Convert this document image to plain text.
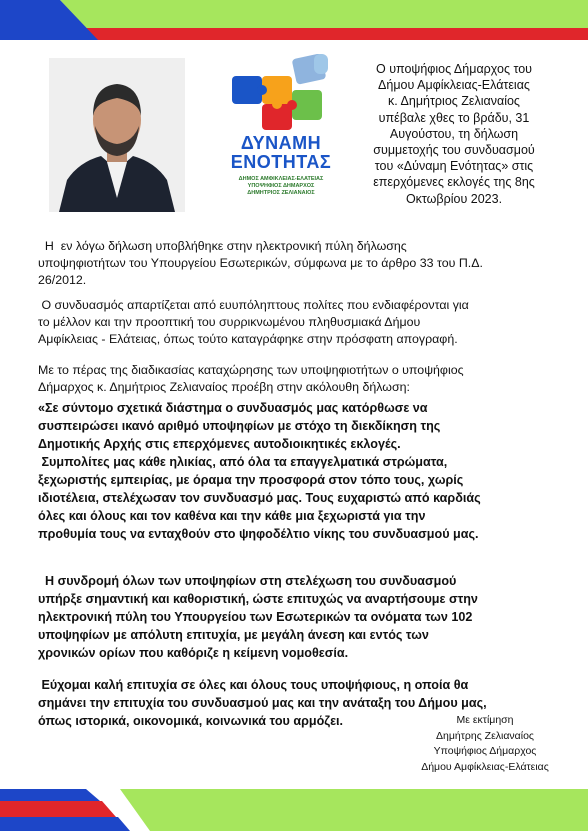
ΔΥΝΑΜΗ
ΕΝΟΤΗΤΑΣ
ΔΗΜΟΣ ΑΜΦΙΚΛΕΙΑΣ-ΕΛΑΤΕΙΑΣ
ΥΠΟΨΗΦΙΟΣ ΔΗΜΑΡΧΟΣ
ΔΗΜΗΤΡΙΟΣ ΖΕΛΙΑΝΑΙΟΣ
Ο υποψήφιος Δήμαρχος του
Δήμου Αμφίκλειας-Ελάτειας
κ. Δημήτριος Ζελιαναίος
υπέβαλε χθες το βράδυ, 31
Αυγούστου, τη δήλωση
συμμετοχής του συνδυασμού
του «Δύναμη Ενότητας» στις
επερχόμενες εκλογές της 8ης
Οκτωβρίου 2023.
Η  εν λόγω δήλωση υποβλήθηκε στην ηλεκτρονική πύλη δήλωσης
υποψηφιοτήτων του Υπουργείου Εσωτερικών, σύμφωνα με το άρθρο 33 του Π.Δ.
26/2012.
Ο συνδυασμός απαρτίζεται από ευυπόληπτους πολίτες που ενδιαφέρονται για
το μέλλον και την προοπτική του συρρικνωμένου πληθυσμιακά Δήμου
Αμφίκλειας - Ελάτειας, όπως τούτο καταγράφηκε στην πρόσφατη απογραφή.
Με το πέρας της διαδικασίας καταχώρησης των υποψηφιοτήτων ο υποψήφιος
Δήμαρχος κ. Δημήτριος Ζελιαναίος προέβη στην ακόλουθη δήλωση:
«Σε σύντομο σχετικά διάστημα ο συνδυασμός μας κατόρθωσε να
συσπειρώσει ικανό αριθμό υποψηφίων με στόχο τη διεκδίκηση της
Δημοτικής Αρχής στις επερχόμενες αυτοδιοικητικές εκλογές.
Συμπολίτες μας κάθε ηλικίας, από όλα τα επαγγελματικά στρώματα,
ξεχωριστής εμπειρίας, με όραμα την προσφορά στον τόπο τους, χωρίς
ιδιοτέλεια, στελέχωσαν τον συνδυασμό μας. Τους ευχαριστώ από καρδιάς
όλες και όλους και τον καθένα και την κάθε μια ξεχωριστά για την
προθυμία τους να ενταχθούν στο ψηφοδέλτιο νίκης του συνδυασμού μας.
Η συνδρομή όλων των υποψηφίων στη στελέχωση του συνδυασμού
υπήρξε σημαντική και καθοριστική, ώστε επιτυχώς να αναρτήσουμε στην
ηλεκτρονική πύλη του Υπουργείου των Εσωτερικών τα ονόματα των 102
υποψηφίων με απόλυτη επιτυχία, με μεγάλη άνεση και εντός των
χρονικών ορίων που καθόριζε η κείμενη νομοθεσία.
Εύχομαι καλή επιτυχία σε όλες και όλους τους υποψήφιους, η οποία θα
σημάνει την επιτυχία του συνδυασμού μας και την ανάταξη του Δήμου μας,
όπως ιστορικά, οικονομικά, κοινωνικά του αρμόζει.	Με εκτίμηση
Δημήτρης Ζελιαναίος
Υποψήφιος Δήμαρχος
Δήμου Αμφίκλειας-Ελάτειας
